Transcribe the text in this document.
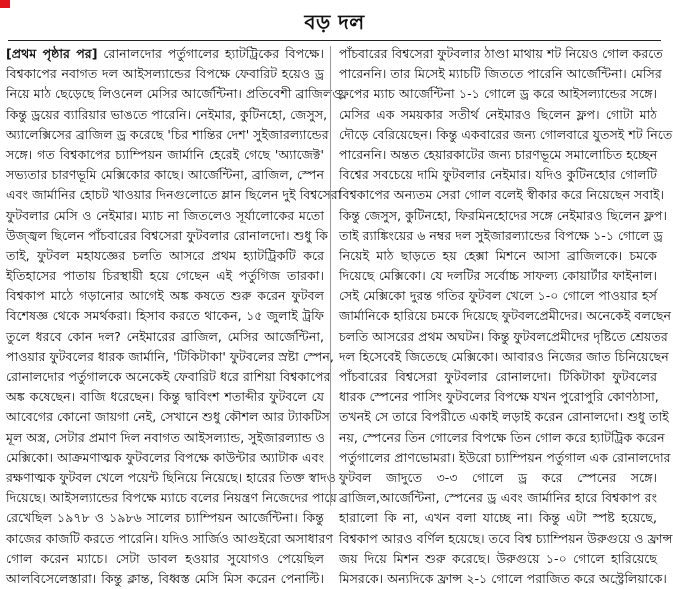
বড় দল
[প্রথম পৃষ্ঠার পর] রোনালদোর পর্তুগালের হ্যাটট্রিকের বিপক্ষে।
বিশ্বকাপের নবাগত দল আইসল্যান্ডের বিপক্ষে ফেবারিট হয়েও ড্র
নিয়ে মাঠ ছেড়েছে লিওনেল মেসির আর্জেন্টিনা। প্রতিবেশী ব্রাজিলও
কিন্তু ড্রয়ের ব্যারিয়ার ভাঙতে পারেনি। নেইমার, কুটিনহো, জেসুস,
অ্যালেক্সিসের ব্রাজিল ড্র করেছে 'চির শান্তির দেশ' সুইজারল্যান্ডের
সঙ্গে। গত বিশ্বকাপের চ্যাম্পিয়ন জার্মানি হেরেই গেছে 'অ্যাজেক্ট'
সভ্যতার চারণভূমি মেক্সিকোর কাছে। আর্জেন্টিনা, ব্রাজিল, স্পেন
এবং জার্মানির হোচট খাওয়ার দিনগুলোতে ম্লান ছিলেন দুই বিশ্বসেরা
ফুটবলার মেসি ও নেইমার। ম্যাচ না জিতলেও সূর্যালোকের মতো
উজ্জ্বল ছিলেন পাঁচবারের বিশ্বসেরা ফুটবলার রোনালদো। শুধু কি
তাই, ফুটবল মহাযজ্ঞের চলতি আসরে প্রথম হ্যাটট্রিকটি করে
ইতিহাসের পাতায় চিরস্থায়ী হয়ে গেছেন এই পর্তুগিজ তারকা।
বিশ্বকাপ মাঠে গড়ানোর আগেই অঙ্ক কষতে শুরু করেন ফুটবল
বিশেষজ্ঞ থেকে সমর্থকরা। হিসাব করতে থাকেন, ১৫ জুলাই ট্রফি
তুলে ধরবে কোন দল? নেইমারের ব্রাজিল, মেসির আর্জেন্টিনা,
পাওয়ার ফুটবলের ধারক জার্মানি, 'টিকিটাকা' ফুটবলের স্রষ্টা স্পেন,
রোনালদোর পর্তুগালকে অনেকেই ফেবারিট ধরে রাশিয়া বিশ্বকাপের
অঙ্ক কষেছেন। বাজি ধরেছেন। কিন্তু দ্বাবিংশ শতাব্দীর ফুটবলে যে
আবেগের কোনো জায়গা নেই, সেখানে শুধু কৌশল আর ট্যাকটিস
মূল অস্ত্র, সেটার প্রমাণ দিল নবাগত আইসল্যান্ড, সুইজারল্যান্ড ও
মেক্সিকো। আক্রমণাত্মক ফুটবলের বিপক্ষে কাউন্টার অ্যাটাক এবং
রক্ষণাত্মক ফুটবল খেলে পয়েন্ট ছিনিয়ে নিয়েছে। হারের তিক্ত স্বাদও
দিয়েছে। আইসল্যান্ডের বিপক্ষে ম্যাচে বলের নিয়ন্ত্রণ নিজেদের পায়ে
রেখেছিল ১৯৭৮ ও ১৯৮৬ সালের চ্যাম্পিয়ন আর্জেন্টিনা। কিন্তু
কাজের কাজটি করতে পারেনি। যদিও সার্জিও আগুইরো অসাধারণ
গোল করেন ম্যাচে। সেটা ডাবল হওয়ার সুযোগও পেয়েছিল
আলবিসেলেস্তারা। কিন্তু ক্লান্ত, বিধ্বস্ত মেসি মিস করেন পেনাল্টি।
পাঁচবারের বিশ্বসেরা ফুটবলার ঠাণ্ডা মাথায় শট নিয়েও গোল করতে
পারেননি। তার মিসেই ম্যাচটি জিততে পারেনি আর্জেন্টিনা। মেসির
ফ্লপের ম্যাচ আর্জেন্টিনা ১-১ গোলে ড্র করে আইসল্যান্ডের সঙ্গে।
মেসির এক সময়কার সতীর্থ নেইমারও ছিলেন ফ্লপ। গোটা মাঠ
দৌড়ে বেরিয়েছেন। কিন্তু একবারের জন্য গোলবারে যুতসই শট নিতে
পারেননি। অন্তত হেয়ারকাটের জন্য চারণভূমে সমালোচিত হচ্ছেন
বিশ্বের সবচেয়ে দামি ফুটবলার নেইমার। যদিও কুটিনহোর গোলটি
বিশ্বকাপের অন্যতম সেরা গোল বলেই স্বীকার করে নিয়েছেন সবাই।
কিন্তু জেসুস, কুটিনহো, ফিরমিনহোদের সঙ্গে নেইমারও ছিলেন ফ্লপ।
তাই র‌্যাঙ্কিংয়ের ৬ নম্বর দল সুইজারল্যান্ডের বিপক্ষে ১-১ গোলে ড্র
নিয়েই মাঠ ছাড়তে হয় হেক্সা মিশনে আসা ব্রাজিলকে। চমকে
দিয়েছে মেক্সিকো। যে দলটির সর্বোচ্চ সাফল্য কোয়ার্টার ফাইনাল।
সেই মেক্সিকো দুরন্ত গতির ফুটবল খেলে ১-০ গোলে পাওয়ার হর্স
জার্মানিকে হারিয়ে চমকে দিয়েছে ফুটবলপ্রেমীদের। অনেকেই বলছেন
চলতি আসরের প্রথম অঘটন। কিন্তু ফুটবলপ্রেমীদের দৃষ্টিতে শ্রেয়তর
দল হিসেবেই জিতেছে মেক্সিকো। আবারও নিজের জাত চিনিয়েছেন
পাঁচবারের বিশ্বসেরা ফুটবলার রোনালদো। টিকিটাকা ফুটবলের
ধারক স্পেনের পাসিং ফুটবলের বিপক্ষে যখন পুরোপুরি কোণঠাসা,
তখনই সে তারে বিপরীতে একাই লড়াই করেন রোনালদো। শুধু তাই
নয়, স্পেনের তিন গোলের বিপক্ষে তিন গোল করে হ্যাটট্রিক করেন
পর্তুগালের প্রাণভোমরা। ইউরো চ্যাম্পিয়ন পর্তুগাল এক রোনালদোর
ফুটবল জাদুতে ৩-৩ গোলে ড্র করে স্পেনের সঙ্গে।
ব্রাজিল,আর্জেন্টিনা, স্পেনের ড্র এবং জার্মানির হারে বিশ্বকাপ রং
হারালো কি না, এখন বলা যাচ্ছে না। কিন্তু এটা স্পষ্ট হয়েছে,
বিশ্বকাপ আরও বর্ণিল হয়েছে। তবে বিশ্ব চ্যাম্পিয়ন উরুগুয়ে ও ফ্রান্স
জয় দিয়ে মিশন শুরু করেছে। উরুগুয়ে ১-০ গোলে হারিয়েছে
মিসরকে। অন্যদিকে ফ্রান্স ২-১ গোলে পরাজিত করে অস্ট্রেলিয়াকে।
